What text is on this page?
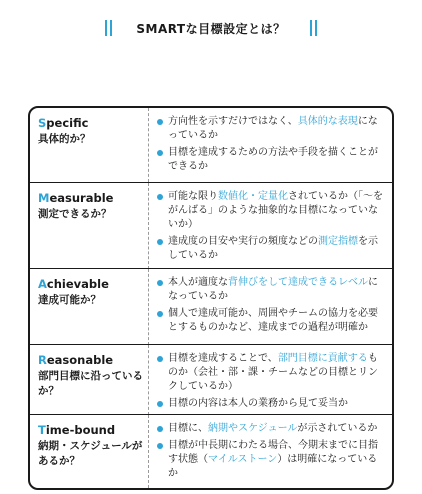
SMARTな目標設定とは？
Specific
具体的か？
方向性を示すだけではなく、具体的な表現になっているか
目標を達成するための方法や手段を描くことができるか
Measurable
測定できるか？
可能な限り数値化・定量化されているか（「～をがんばる」のような抽象的な目標になっていないか）
達成度の目安や実行の頻度などの測定指標を示しているか
Achievable
達成可能か？
本人が適度な背伸びをして達成できるレベルになっているか
個人で達成可能か、周囲やチームの協力を必要とするものかなど、達成までの過程が明確か
Reasonable
部門目標に沿っているか？
目標を達成することで、部門目標に貢献するものか（会社・部・課・チームなどの目標とリンクしているか）
目標の内容は本人の業務から見て妥当か
Time-bound
納期・スケジュールがあるか？
目標に、納期やスケジュールが示されているか
目標が中長期にわたる場合、今期末までに目指す状態（マイルストーン）は明確になっているか
